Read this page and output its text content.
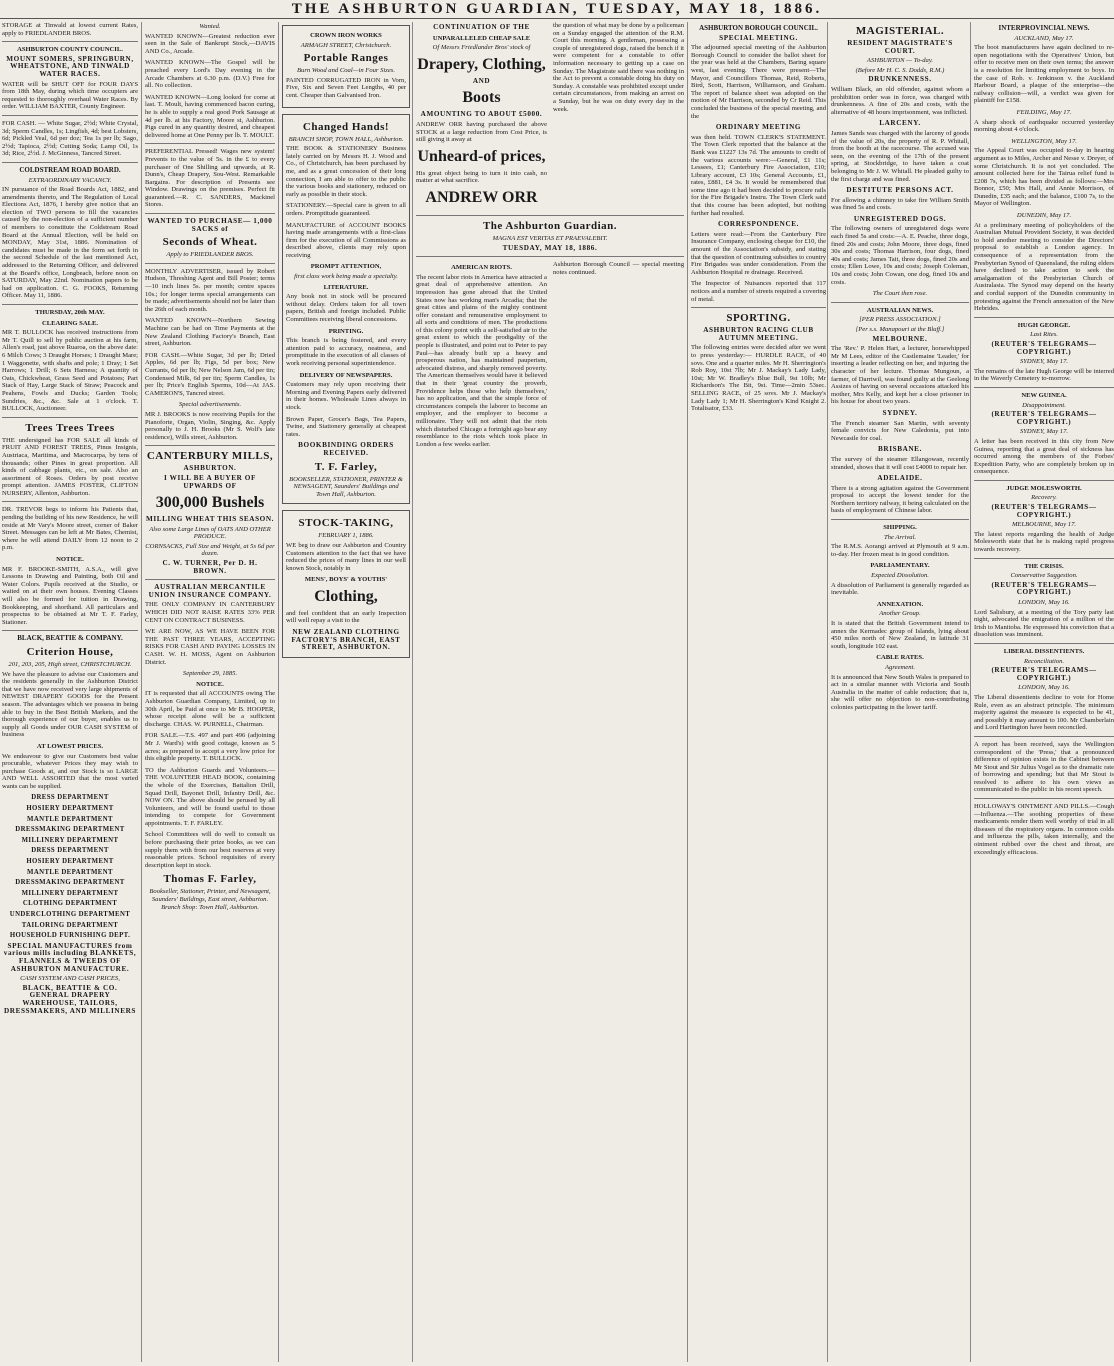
THE ASHBURTON GUARDIAN, TUESDAY, MAY 18, 1886.
STORAGE at Tinwald at lowest current Rates, apply to FRIEDLANDER BROS.
ASHBURTON COUNTY COUNCIL.
MOUNT SOMERS, SPRINGBURN, WHEATSTONE, AND TINWALD WATER RACES.
WATER will be SHUT OFF for FOUR DAYS from 18th May, during which time occupiers are requested to thoroughly overhaul Water Races. By order. WILLIAM BAXTER, County Engineer.
FOR CASH. — White Sugar, 2½d; White Crystal, 3d; Sperm Candles, 1s; Lingfish, 4d; best Lobsters, 6d; Pickled Veal, 6d per doz; Tea 1s per lb; Sago, 2½d; Tapioca, 2½d; Cutting Soda; Lamp Oil, 1s 3d; Rice, 2½d. J. McGinness, Tancred Street.
COLDSTREAM ROAD BOARD.
EXTRAORDINARY VACANCY.
IN pursuance of the Road Boards Act, 1882, and amendments thereto, and The Regulation of Local Elections Act, 1876, I hereby give notice that an election of TWO persons to fill the vacancies caused by the non-election of a sufficient number of members to constitute the Coldstream Road Board at the Annual Election, will be held on MONDAY, May 31st, 1886. Nomination of candidates must be made in the form set forth in the second Schedule of the last mentioned Act, addressed to the Returning Officer, and delivered at the Board's office, Longbeach, before noon on SATURDAY, May 22nd. Nomination papers to be had on application. C. G. FOOKS, Returning Officer. May 11, 1886.
THURSDAY, 20th MAY.
CLEARING SALE.
MR T. BULLOCK has received instructions from Mr T. Quill to sell by public auction at his farm, Allen's road, just above Ruaroa, on the above date: 6 Milch Cows; 3 Draught Horses; 1 Draught Mare; 1 Waggonette, with shafts and pole; 1 Dray; 1 Set Harrows; 1 Drill; 6 Sets Harness; A quantity of Oats, Chickwheat, Grass Seed and Potatoes; Part Stack of Hay, Large Stack of Straw; Peacock and Peahens, Fowls and Ducks; Garden Tools; Sundries, &c., &c. Sale at 1 o'clock. T. BULLOCK, Auctioneer.
Trees Trees Trees
THE undersigned has FOR SALE all kinds of FRUIT AND FOREST TREES, Pinus Insignis, Austriaca, Maritima, and Macrocarpa, by tens of thousands; other Pines in great proportion. All kinds of cabbage plants, etc., on sale. Also an assortment of Roses. Orders by post receive prompt attention. JAMES FOSTER, CLIFTON NURSERY, Allenton, Ashburton.
DR. TREVOR begs to inform his Patients that, pending the building of his new Residence, he will reside at Mr Vary's Moore street, corner of Baker Street. Messages can be left at Mr Bates, Chemist, where he will attend DAILY from 12 noon to 2 p.m.
NOTICE.
MR F. BROOKE-SMITH, A.S.A., will give Lessons in Drawing and Painting, both Oil and Water Colors. Pupils received at the Studio, or waited on at their own houses. Evening Classes will also be formed for tuition in Drawing, Bookkeeping, and shorthand. All particulars and prospectus to be obtained at Mr T. F. Farley, Stationer.
BLACK, BEATTIE & COMPANY.
Criterion House,
201, 203, 205, High street, CHRISTCHURCH.
We have the pleasure to advise our Customers and the residents generally in the Ashburton District that we have now received very large shipments of NEWEST DRAPERY GOODS for the Present season. The advantages which we possess in being able to buy in the Best British Markets, and the thorough experience of our buyer, enables us to supply all Goods under OUR CASH SYSTEM of business
AT LOWEST PRICES.
We endeavour to give our Customers best value procurable, whatever Prices they may wish to purchase Goods at, and our Stock is so LARGE AND WELL ASSORTED that the most varied wants can be supplied.
DRESS DEPARTMENT
HOSIERY DEPARTMENT
MANTLE DEPARTMENT
DRESSMAKING DEPARTMENT
MILLINERY DEPARTMENT
DRESS DEPARTMENT
HOSIERY DEPARTMENT
MANTLE DEPARTMENT
DRESSMAKING DEPARTMENT
MILLINERY DEPARTMENT
CLOTHING DEPARTMENT
UNDERCLOTHING DEPARTMENT
TAILORING DEPARTMENT
HOUSEHOLD FURNISHING DEPT.
SPECIAL MANUFACTURES from various mills including BLANKETS, FLANNELS & TWEEDS OF ASHBURTON MANUFACTURE.
CASH SYSTEM AND CASH PRICES,
BLACK, BEATTIE & CO. GENERAL DRAPERY WAREHOUSE, TAILORS, DRESSMAKERS, AND MILLINERS
Wanted.
WANTED KNOWN—Greatest reduction ever seen in the Sale of Bankrupt Stock,—DAVIS AND Co., Arcade.
WANTED KNOWN—The Gospel will be preached every Lord's Day evening in the Arcade Chambers at 6.30 p.m. (D.V.) Free for all. No collection.
WANTED KNOWN—Long looked for come at last. T. Moult, having commenced bacon curing, he is able to supply a real good Pork Sausage at 4d per lb. at his Factory, Moore st, Ashburton. Pigs cured in any quantity desired, and cheapest delivered home at One Penny per lb. T. MOULT.
PREFERENTIAL Pressed! Wages new system! Prevents to the value of 5s. in the £ to every purchaser of One Shilling and upwards, at R. Dunn's, Cheap Drapery, Sou-West. Remarkable Bargains. For description of Presents see Window. Drawings on the premises. Perfect fit guaranteed.—R. C. SANDERS, Mackinel Stores.
WANTED TO PURCHASE— 1,000 SACKS of
Seconds of Wheat.
Apply to FRIEDLANDER BROS.
MONTHLY ADVERTISER, issued by Robert Hudson, Threshing Agent and Bill Poster; terms—10 inch lines 5s. per month; centre spaces 10s.; for longer terms special arrangements can be made; advertisements should not be later than the 26th of each month.
WANTED KNOWN—Northern Sewing Machine can be had on Time Payments at the New Zealand Clothing Factory's Branch, East street, Ashburton.
FOR CASH.—White Sugar, 3d per lb; Dried Apples, 6d per lb; Figs, 5d per box; New Currants, 6d per lb; New Nelson Jam, 6d per tin; Condensed Milk, 6d per tin; Sperm Candles, 1s per lb; Price's English Sperms, 10d—At JAS. CAMERON'S, Tancred street.
Special advertisements.
MR J. BROOKS is now receiving Pupils for the Pianoforte, Organ, Violin, Singing, &c. Apply personally to J. H. Brooks (Mr S. Wolf's late residence), Wills street, Ashburton.
CANTERBURY MILLS,
ASHBURTON.
I WILL BE A BUYER OF UPWARDS OF
300,000 Bushels
MILLING WHEAT THIS SEASON.
Also some Large Lines of OATS AND OTHER PRODUCE.
CORNSACKS, Full Size and Weight, at 5s 6d per dozen.
C. W. TURNER, Per D. H. BROWN.
AUSTRALIAN MERCANTILE UNION INSURANCE COMPANY.
THE ONLY COMPANY IN CANTERBURY WHICH DID NOT RAISE RATES 33% PER CENT ON CONTRACT BUSINESS.
WE ARE NOW, AS WE HAVE BEEN FOR THE PAST THREE YEARS, ACCEPTING RISKS FOR CASH AND PAYING LOSSES IN CASH. W. H. MOSS, Agent on Ashburton District.
September 29, 1885.
NOTICE.
IT is requested that all ACCOUNTS owing The Ashburton Guardian Company, Limited, up to 30th April, be Paid at once to Mr B. HOOPER, whose receipt alone will be a sufficient discharge. CHAS. W. PURNELL, Chairman.
FOR SALE.—T.S. 497 and part 496 (adjoining Mr J. Ward's) with good cottage, known as 5 acres; as prepared to accept a very low price for this eligible property. T. BULLOCK.
TO the Ashburton Guards and Volunteers.—THE VOLUNTEER HEAD BOOK, containing the whole of the Exercises, Battalion Drill, Squad Drill, Bayonet Drill, Infantry Drill, &c. NOW ON. The above should be perused by all Volunteers, and will be found useful to those intending to compete for Government appointments. T. F. FARLEY.
School Committees will do well to consult us before purchasing their prize books, as we can supply them with from our best reserves at very reasonable prices. School requisites of every description kept in stock.
Thomas F. Farley,
Bookseller, Stationer, Printer, and Newsagent, Saunders' Buildings, East street, Ashburton. Branch Shop: Town Hall, Ashburton.
CROWN IRON WORKS
ARMAGH STREET, Christchurch.
Portable Ranges
Burn Wood and Coal—in Four Sizes.
PAINTED CORRUGATED IRON in Vorn, Five, Six and Seven Feet Lengths, 40 per cent. Cheaper than Galvanised Iron.
Changed Hands!
BRANCH SHOP, TOWN HALL, Ashburton.
THE BOOK & STATIONERY Business lately carried on by Messrs H. J. Wood and Co., of Christchurch, has been purchased by me, and as a great concession of their long connection, I am able to offer to the public the various books and stationery, reduced on early as possible in their stock.
STATIONERY.—Special care is given to all orders. Promptitude guaranteed.
MANUFACTURE of ACCOUNT BOOKS having made arrangements with a first-class firm for the execution of all Commissions as described above, clients may rely upon receiving
PROMPT ATTENTION,
first class work being made a specialty.
LITERATURE.
Any book not in stock will be procured without delay. Orders taken for all town papers, British and foreign included. Public Committees receiving liberal concessions.
PRINTING.
This branch is being fostered, and every attention paid to accuracy, neatness, and promptitude in the execution of all classes of work receiving personal superintendence.
DELIVERY OF NEWSPAPERS.
Customers may rely upon receiving their Morning and Evening Papers early delivered in their homes. Wholesale Lines always in stock.
Brown Paper, Grocer's Bags, Tea Papers, Twine, and Stationery generally at cheapest rates.
BOOKBINDING ORDERS RECEIVED.
T. F. Farley,
BOOKSELLER, STATIONER, PRINTER & NEWSAGENT, Saunders' Buildings and Town Hall, Ashburton.
STOCK-TAKING,
FEBRUARY 1, 1886.
WE beg to draw our Ashburton and Country Customers attention to the fact that we have reduced the prices of many lines in our well known Stock, notably in
MENS', BOYS' & YOUTHS'
Clothing,
and feel confident that an early Inspection will well repay a visit to the
NEW ZEALAND CLOTHING FACTORY'S BRANCH, EAST STREET, ASHBURTON.
CONTINUATION OF THE
UNPARALLELED CHEAP SALE
Of Messrs Friedlander Bros' stock of
Drapery, Clothing,
AND
Boots
AMOUNTING TO ABOUT £5000.
ANDREW ORR having purchased the above STOCK at a large reduction from Cost Price, is still giving it away at
Unheard-of prices,
His great object being to turn it into cash, no matter at what sacrifice.
ANDREW ORR
the question of what may be done by a policeman on a Sunday engaged the attention of the R.M. Court this morning. A gentleman, possessing a couple of unregistered dogs, raised the bench if it were competent for a constable to offer information necessary to getting up a case on Sunday. The Magistrate said there was nothing in the Act to prevent a constable doing his duty on Sunday. A constable was prohibited except under certain circumstances, from making an arrest on a Sunday, but he was on duty every day in the week.
The Ashburton Guardian.
MAGNA EST VERITAS ET PRAEVALEBIT.
TUESDAY, MAY 18, 1886.
AMERICAN RIOTS.
The recent labor riots in America have attracted a great deal of apprehensive attention. An impression has gone abroad that the United States now has working man's Arcadia; that the great cities and plains of the mighty continent offer constant and remunerative employment to all sorts and conditions of men. The productions of this colony point with a self-satisfied air to the great extent to which the prodigality of the people is illustrated, and point out to Peter to pay Paul—has already built up a heavy and prosperous nation, has maintained pauperism, advocated distress, and sharply removed poverty. The American themselves would have it believed that in their 'great country the proverb, Providence helps those who help themselves,' has no application, and that the simple force of circumstances compels the laborer to become an employer, and the employer to become a millionaire. They will not admit that the riots which disturbed Chicago a fortnight ago bear any resemblance to the riots which took place in London a few weeks earlier.
Ashburton Borough Council — special meeting notes continued.
ASHBURTON BOROUGH COUNCIL.
SPECIAL MEETING.
The adjourned special meeting of the Ashburton Borough Council to consider the ballot sheet for the year was held at the Chambers, Baring square west, last evening. There were present—The Mayor, and Councillors Thomas, Reid, Roberts, Bird, Scott, Harrison, Williamson, and Graham. The report of balance sheet was adopted on the motion of Mr Harrison, seconded by Cr Reid. This concluded the business of the special meeting, and the
ORDINARY MEETING
was then held. TOWN CLERK'S STATEMENT. The Town Clerk reported that the balance at the Bank was £1227 13s 7d. The amounts to credit of the various accounts were:—General, £1 11s; Lessees, £1; Canterbury Fire Association, £10; Library account, £3 10s; General Accounts, £1, rates, £881, £4 3s. It would be remembered that some time ago it had been decided to procure rails for the Fire Brigade's Instru. The Town Clerk said that this course has been adopted, but nothing further had resulted.
CORRESPONDENCE.
Letters were read:—From the Canterbury Fire Insurance Company, enclosing cheque for £10, the amount of the Association's subsidy, and stating that the question of continuing subsidies to country Fire Brigades was under consideration. From the Ashburton Hospital re drainage. Received.
The Inspector of Nuisances reported that 117 notices and a number of streets required a covering of metal.
SPORTING.
ASHBURTON RACING CLUB AUTUMN MEETING.
The following entries were decided after we went to press yesterday:— HURDLE RACE, of 40 sovs. One and a quarter miles. Mr H. Sherrington's Rob Roy, 10st 7lb; Mr J. Mackay's Lady Lady, 10st; Mr W. Bradley's Blue Bull, 9st 10lb; Mr Richardson's The Bit, 9st. Time—2min 53sec. SELLING RACE, of 25 sovs. Mr J. Mackay's Lady Lady 1; Mr H. Sherrington's Kind Knight 2. Totalisator, £33.
MAGISTERIAL.
RESIDENT MAGISTRATE'S COURT.
ASHBURTON — To-day.
(Before Mr H. C. S. Dodds, R.M.)
DRUNKENNESS.
William Black, an old offender, against whom a prohibition order was in force, was charged with drunkenness. A fine of 20s and costs, with the alternative of 48 hours imprisonment, was inflicted.
LARCENY.
James Sands was charged with the larceny of goods of the value of 20s, the property of R. P. Whitall, from the booth at the racecourse. The accused was seen, on the evening of the 17th of the present spring, at Stockbridge, to have taken a coat belonging to Mr J. W. Whitall. He pleaded guilty to the first charge and was fined.
DESTITUTE PERSONS ACT.
For allowing a chimney to take fire William Smith was fined 5s and costs.
UNREGISTERED DOGS.
The following owners of unregistered dogs were each fined 5s and costs:—A. E. Peache, three dogs, fined 20s and costs; John Moore, three dogs, fined 30s and costs; Thomas Harrison, four dogs, fined 40s and costs; James Tait, three dogs, fined 20s and costs; Ellen Lowe, 10s and costs; Joseph Coleman, 10s and costs; John Cowan, one dog, fined 10s and costs.
The Court then rose.
AUSTRALIAN NEWS.
[PER PRESS ASSOCIATION.]
[Per s.s. Manapouri at the Bluff.]
MELBOURNE.
The 'Rev.' P. Helen Hart, a lecturer, horsewhipped Mr M Lees, editor of the Castlemaine 'Leader,' for inserting a leader reflecting on her, and injuring the character of her lecture. Thomas Mungoun, a farmer, of Darriwil, was found guilty at the Geelong Assizes of having on several occasions attacked his mother, Mrs Kelly, and kept her a close prisoner in his house for about two years.
SYDNEY.
The French steamer San Martin, with seventy female convicts for New Caledonia, put into Newcastle for coal.
BRISBANE.
The survey of the steamer Ellangowan, recently stranded, shows that it will cost £4000 to repair her.
ADELAIDE.
There is a strong agitation against the Government proposal to accept the lowest tender for the Northern territory railway, it being calculated on the basis of employment of Chinese labor.
SHIPPING.
The Arrival.
The R.M.S. Aorangi arrived at Plymouth at 9 a.m. to-day. Her frozen meat is in good condition.
PARLIAMENTARY.
Expected Dissolution.
A dissolution of Parliament is generally regarded as inevitable.
ANNEXATION.
Another Group.
It is stated that the British Government intend to annex the Kermadec group of Islands, lying about 450 miles north of New Zealand, in latitude 31 south, longitude 102 east.
CABLE RATES.
Agreement.
It is announced that New South Wales is prepared to act in a similar manner with Victoria and South Australia in the matter of cable reduction; that is, she will offer no objection to non-contributing colonies participating in the lower tariff.
INTERPROVINCIAL NEWS.
AUCKLAND, May 17.
The boot manufacturers have again declined to re-open negotiations with the Operatives' Union, but offer to receive men on their own terms; the answer is a resolution for limiting employment to boys. In the case of Rob. v. Jenkinson v. the Auckland Harbour Board, a plaque of the enterprise—the railway collision—will, a verdict was given for plaintiff for £158.
FEILDING, May 17.
A sharp shock of earthquake occurred yesterday morning about 4 o'clock.
WELLINGTON, May 17.
The Appeal Court was occupied to-day in hearing argument as to Miles, Archer and Nesse v. Dreyer, of some Christchurch. It is not yet concluded. The amount collected here for the Tairua relief fund is £208 7s, which has been divided as follows:—Mrs Bonnor, £50; Mrs Hall, and Annie Morrison, of Dunedin, £35 each; and the balance, £100 7s, to the Mayor of Wellington.
DUNEDIN, May 17.
At a preliminary meeting of policyholders of the Australian Mutual Provident Society, it was decided to hold another meeting to consider the Directors' proposal to establish a London agency. In consequence of a representation from the Presbyterian Synod of Queensland, the ruling elders have declined to take action to seek the amalgamation of the Presbyterian Church of Australasia. The Synod may depend on the hearty and cordial support of the Dunedin community in protesting against the French annexation of the New Hebrides.
HUGH GEORGE.
Last Rites.
(REUTER'S TELEGRAMS—COPYRIGHT.)
SYDNEY, May 17.
The remains of the late Hugh George will be interred in the Waverly Cemetery to-morrow.
NEW GUINEA.
Disappointment.
(REUTER'S TELEGRAMS—COPYRIGHT.)
SYDNEY, May 17.
A letter has been received in this city from New Guinea, reporting that a great deal of sickness has occurred among the members of the Forbes' Expedition Party, who are completely broken up in consequence.
JUDGE MOLESWORTH.
Recovery.
(REUTER'S TELEGRAMS—COPYRIGHT.)
MELBOURNE, May 17.
The latest reports regarding the health of Judge Molesworth state that he is making rapid progress towards recovery.
THE CRISIS.
Conservative Suggestion.
(REUTER'S TELEGRAMS—COPYRIGHT.)
LONDON, May 16.
Lord Salisbury, at a meeting of the Tory party last night, advocated the emigration of a million of the Irish to Manitoba. He expressed his conviction that a dissolution was imminent.
LIBERAL DISSENTIENTS.
Reconciliation.
(REUTER'S TELEGRAMS—COPYRIGHT.)
LONDON, May 16.
The Liberal dissentients decline to vote for Home Rule, even as an abstract principle. The minimum majority against the measure is expected to be 41, and possibly it may amount to 100. Mr Chamberlain and Lord Hartington have been reconciled.
A report has been received, says the Wellington correspondent of the 'Press,' that a pronounced difference of opinion exists in the Cabinet between Mr Stout and Sir Julius Vogel as to the dramatic rate of borrowing and spending; but that Mr Stout is resolved to adhere to his own views as communicated to the public in his recent speech.
HOLLOWAY'S OINTMENT AND PILLS.—Cough—Influenza.—The soothing properties of these medicaments render them well worthy of trial in all diseases of the respiratory organs. In common colds and influenza the pills, taken internally, and the ointment rubbed over the chest and throat, are exceedingly efficacious.
